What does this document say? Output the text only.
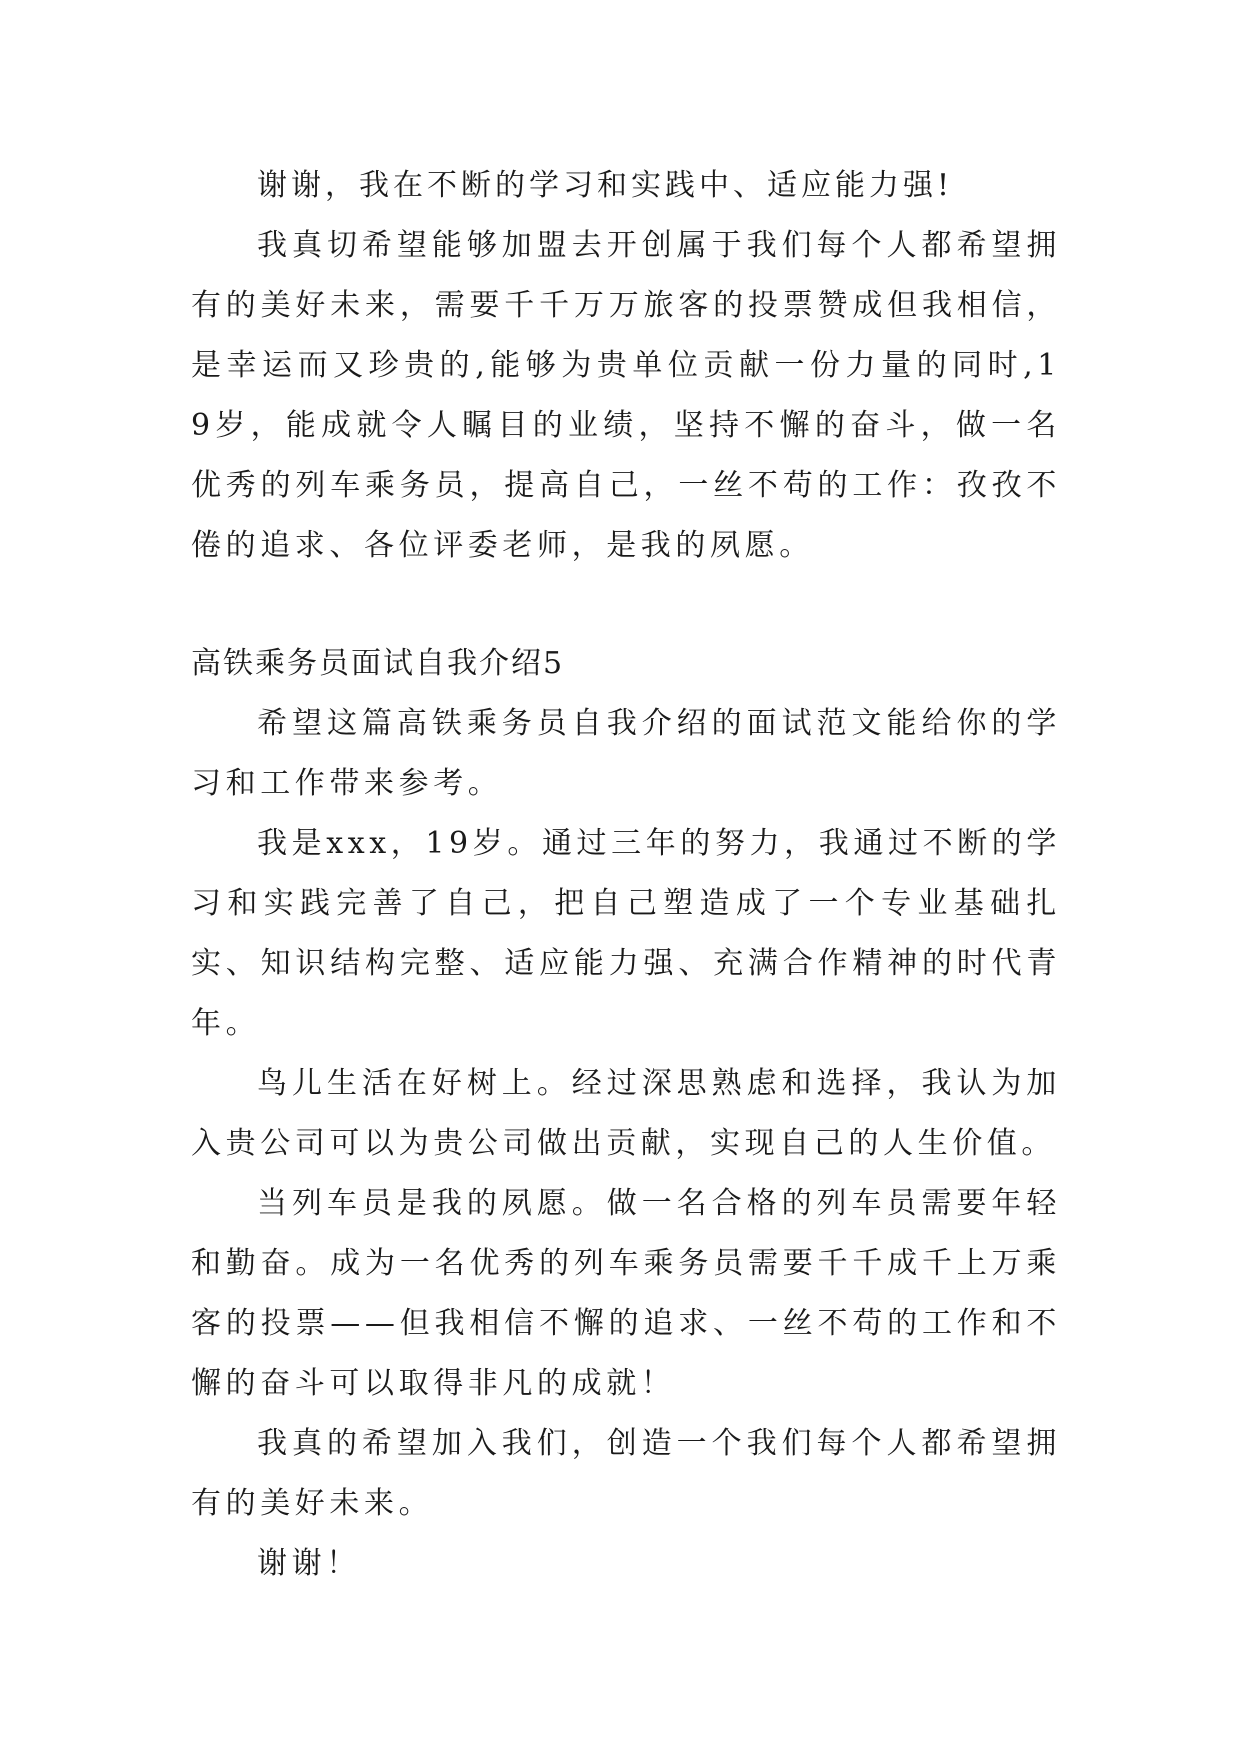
谢谢，我在不断的学习和实践中、适应能力强!

我真切希望能够加盟去开创属于我们每个人都希望拥有的美好未来，需要千千万万旅客的投票赞成但我相信，是幸运而又珍贵的,能够为贵单位贡献一份力量的同时,19岁，能成就令人瞩目的业绩，坚持不懈的奋斗，做一名优秀的列车乘务员，提高自己，一丝不苟的工作：孜孜不倦的追求、各位评委老师，是我的夙愿。

高铁乘务员面试自我介绍5

希望这篇高铁乘务员自我介绍的面试范文能给你的学习和工作带来参考。

我是xxx，19岁。通过三年的努力，我通过不断的学习和实践完善了自己，把自己塑造成了一个专业基础扎实、知识结构完整、适应能力强、充满合作精神的时代青年。

鸟儿生活在好树上。经过深思熟虑和选择，我认为加入贵公司可以为贵公司做出贡献，实现自己的人生价值。

当列车员是我的夙愿。做一名合格的列车员需要年轻和勤奋。成为一名优秀的列车乘务员需要千千成千上万乘客的投票——但我相信不懈的追求、一丝不苟的工作和不懈的奋斗可以取得非凡的成就！

我真的希望加入我们，创造一个我们每个人都希望拥有的美好未来。

谢谢！
